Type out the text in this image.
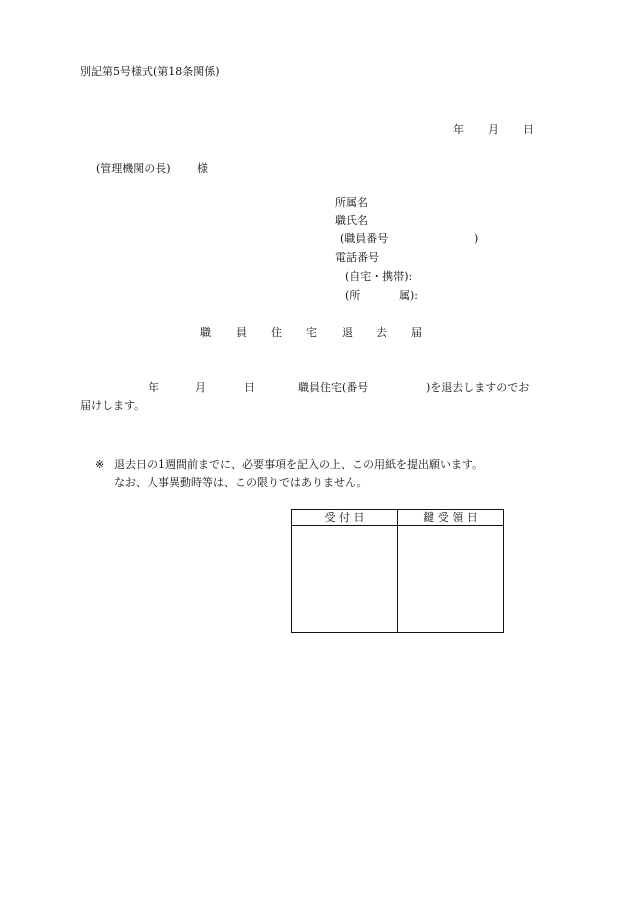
別記第5号様式(第18条関係)
年 月 日
(管理機関の長) 様
所属名
職氏名
(職員番号	)
電話番号
(自宅・携帯):
(所	属):
職 員 住 宅 退 去 届
年	月	日	職員住宅(番号	)を退去しますのでお
届けします。
※ 退去日の1週間前までに、必要事項を記入の上、この用紙を提出願います。
なお、人事異動時等は、この限りではありません。
受 付 日	鍵 受 領 日
